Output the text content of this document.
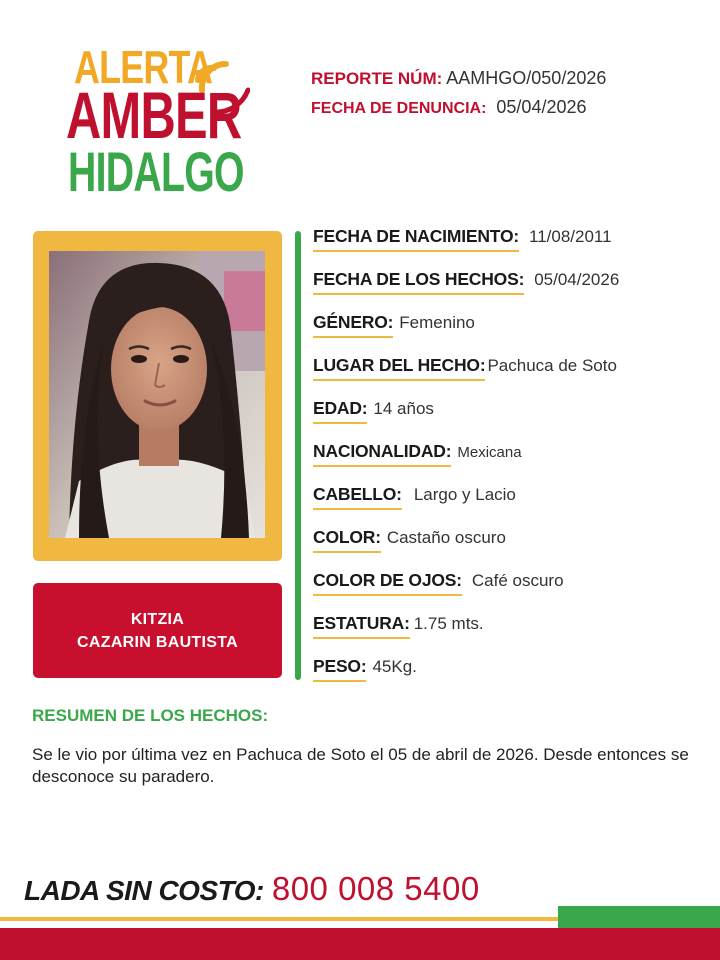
ALERTA
AMBER
HIDALGO
REPORTE NÚM: AAMHGO/050/2026
FECHA DE DENUNCIA: 05/04/2026
KITZIA
CAZARIN BAUTISTA
FECHA DE NACIMIENTO: 11/08/2011
FECHA DE LOS HECHOS: 05/04/2026
GÉNERO: Femenino
LUGAR DEL HECHO: Pachuca de Soto
EDAD: 14 años
NACIONALIDAD: Mexicana
CABELLO: Largo y Lacio
COLOR: Castaño oscuro
COLOR DE OJOS: Café oscuro
ESTATURA: 1.75 mts.
PESO: 45Kg.
RESUMEN DE LOS HECHOS:
Se le vio por última vez en Pachuca de Soto el 05 de abril de 2026. Desde entonces se desconoce su paradero.
LADA SIN COSTO: 800 008 5400
